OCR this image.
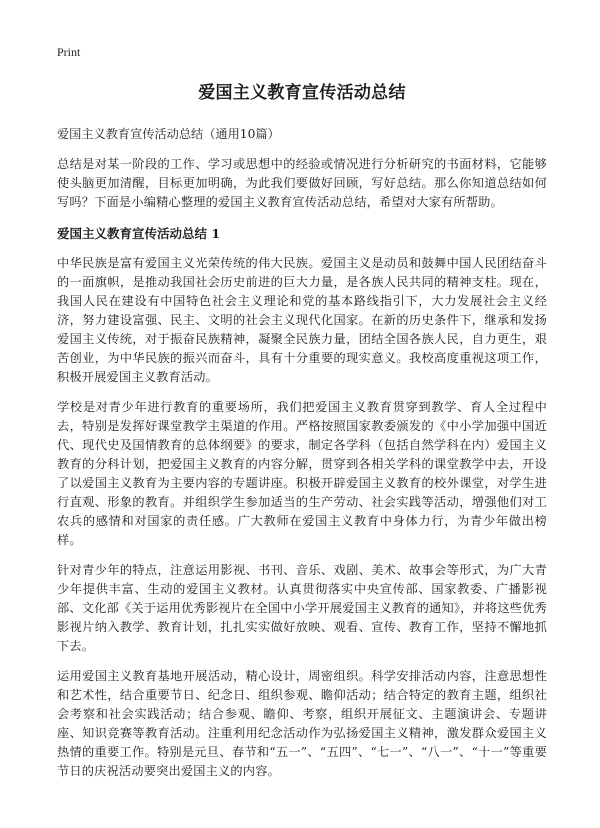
Print
爱国主义教育宣传活动总结
爱国主义教育宣传活动总结（通用10篇）

总结是对某一阶段的工作、学习或思想中的经验或情况进行分析研究的书面材料，它能够使头脑更加清醒，目标更加明确，为此我们要做好回顾，写好总结。那么你知道总结如何写吗？下面是小编精心整理的爱国主义教育宣传活动总结，希望对大家有所帮助。

爱国主义教育宣传活动总结 1

中华民族是富有爱国主义光荣传统的伟大民族。爱国主义是动员和鼓舞中国人民团结奋斗的一面旗帜，是推动我国社会历史前进的巨大力量，是各族人民共同的精神支柱。现在，我国人民在建设有中国特色社会主义理论和党的基本路线指引下，大力发展社会主义经济，努力建设富强、民主、文明的社会主义现代化国家。在新的历史条件下，继承和发扬爱国主义传统，对于振奋民族精神，凝聚全民族力量，团结全国各族人民，自力更生，艰苦创业，为中华民族的振兴而奋斗，具有十分重要的现实意义。我校高度重视这项工作，积极开展爱国主义教育活动。

学校是对青少年进行教育的重要场所，我们把爱国主义教育贯穿到教学、育人全过程中去，特别是发挥好课堂教学主渠道的作用。严格按照国家教委颁发的《中小学加强中国近代、现代史及国情教育的总体纲要》的要求，制定各学科（包括自然学科在内）爱国主义教育的分科计划，把爱国主义教育的内容分解，贯穿到各相关学科的课堂教学中去，开设了以爱国主义教育为主要内容的专题讲座。积极开辟爱国主义教育的校外课堂，对学生进行直观、形象的教育。并组织学生参加适当的生产劳动、社会实践等活动，增强他们对工农兵的感情和对国家的责任感。广大教师在爱国主义教育中身体力行，为青少年做出榜样。

针对青少年的特点，注意运用影视、书刊、音乐、戏剧、美术、故事会等形式，为广大青少年提供丰富、生动的爱国主义教材。认真贯彻落实中央宣传部、国家教委、广播影视部、文化部《关于运用优秀影视片在全国中小学开展爱国主义教育的通知》，并将这些优秀影视片纳入教学、教育计划，扎扎实实做好放映、观看、宣传、教育工作，坚持不懈地抓下去。

运用爱国主义教育基地开展活动，精心设计，周密组织。科学安排活动内容，注意思想性和艺术性，结合重要节日、纪念日、组织参观、瞻仰活动；结合特定的教育主题，组织社会考察和社会实践活动；结合参观、瞻仰、考察，组织开展征文、主题演讲会、专题讲座、知识竞赛等教育活动。注重利用纪念活动作为弘扬爱国主义精神，激发群众爱国主义热情的重要工作。特别是元旦、春节和“五一”、“五四”、“七一”、“八一”、“十一”等重要节日的庆祝活动要突出爱国主义的内容。
